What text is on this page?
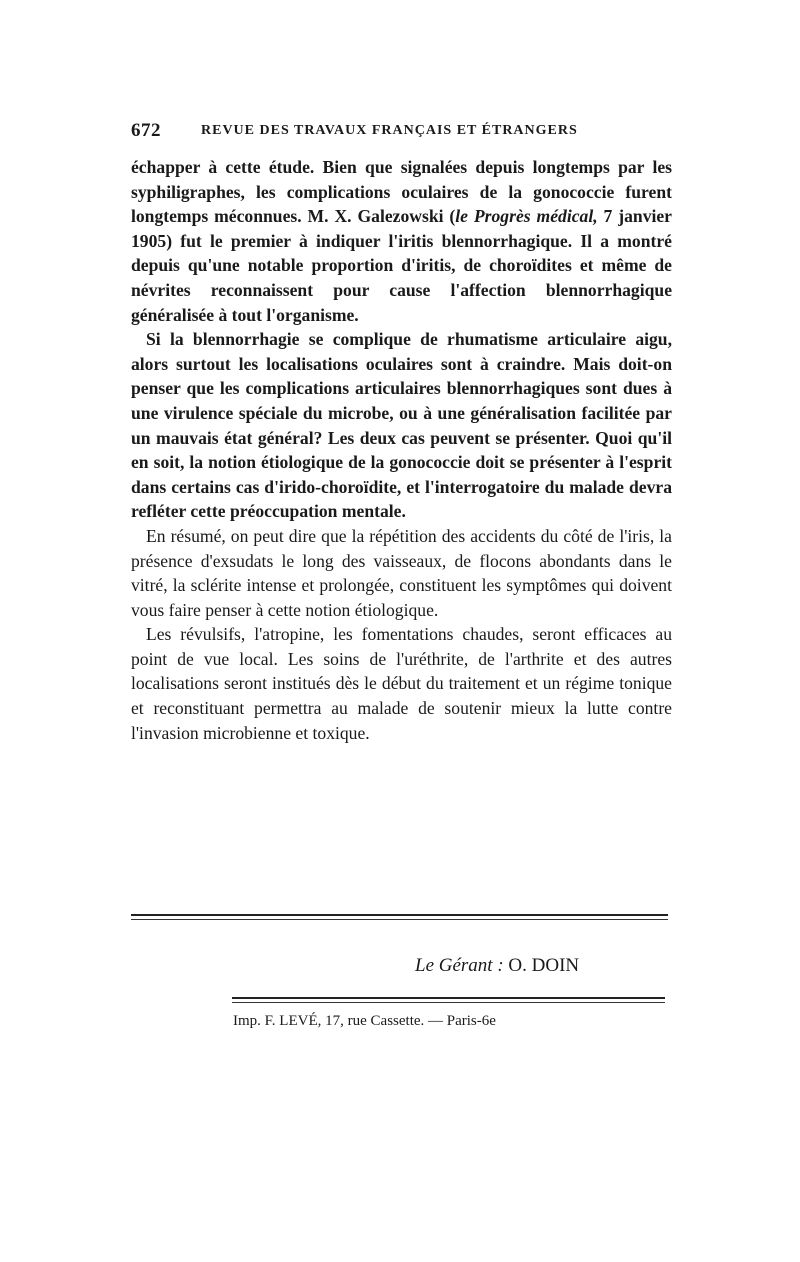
672	REVUE DES TRAVAUX FRANÇAIS ET ÉTRANGERS

échapper à cette étude. Bien que signalées depuis longtemps par les syphiligraphes, les complications oculaires de la gonococcie furent longtemps méconnues. M. X. Galezowski (le Progrès médical, 7 janvier 1905) fut le premier à indiquer l'iritis blennorrhagique. Il a montré depuis qu'une notable proportion d'iritis, de choroïdites et même de névrites reconnaissent pour cause l'affection blennorrhagique généralisée à tout l'organisme.

Si la blennorrhagie se complique de rhumatisme articulaire aigu, alors surtout les localisations oculaires sont à craindre. Mais doit-on penser que les complications articulaires blennorrhagiques sont dues à une virulence spéciale du microbe, ou à une généralisation facilitée par un mauvais état général? Les deux cas peuvent se présenter. Quoi qu'il en soit, la notion étiologique de la gonococcie doit se présenter à l'esprit dans certains cas d'irido-choroïdite, et l'interrogatoire du malade devra refléter cette préoccupation mentale.

En résumé, on peut dire que la répétition des accidents du côté de l'iris, la présence d'exsudats le long des vaisseaux, de flocons abondants dans le vitré, la sclérite intense et prolongée, constituent les symptômes qui doivent vous faire penser à cette notion étiologique.

Les révulsifs, l'atropine, les fomentations chaudes, seront efficaces au point de vue local. Les soins de l'uréthrite, de l'arthrite et des autres localisations seront institués dès le début du traitement et un régime tonique et reconstituant permettra au malade de soutenir mieux la lutte contre l'invasion microbienne et toxique.

Le Gérant : O. DOIN
Imp. F. LEVÉ, 17, rue Cassette. — Paris-6e
